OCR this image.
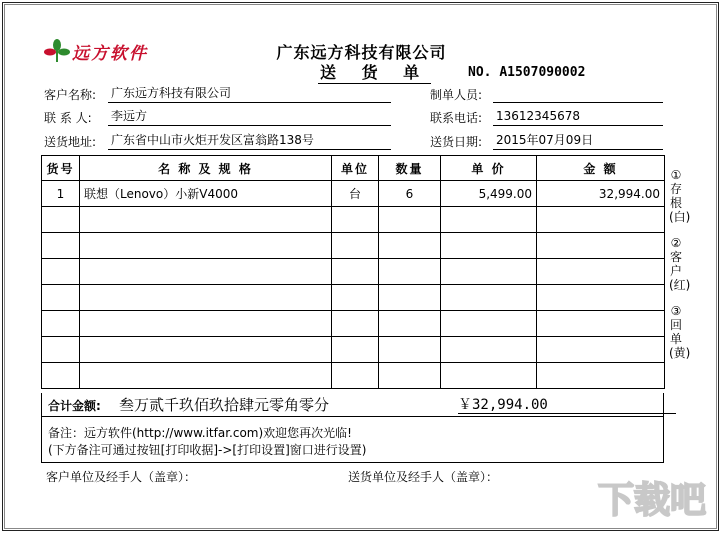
远方软件	广东远方科技有限公司
送 货 单	NO. A1507090002
客户名称: 广东远方科技有限公司
联 系 人: 李远方
送货地址: 广东省中山市火炬开发区富翁路138号
制单人员:
联系电话: 13612345678
送货日期: 2015年07月09日
货号	名 称 及 规 格	单位	数量	单 价	金 额
1	联想（Lenovo）小新V4000	台	6	5,499.00	32,994.00

合计金额: 叁万贰千玖佰玖拾肆元零角零分	￥32,994.00
备注：远方软件(http://www.itfar.com)欢迎您再次光临!
(下方备注可通过按钮[打印收据]->[打印设置]窗口进行设置)
客户单位及经手人（盖章）：	送货单位及经手人（盖章）：
①存根(白)
②客户(红)
③回单(黄)
下载吧
